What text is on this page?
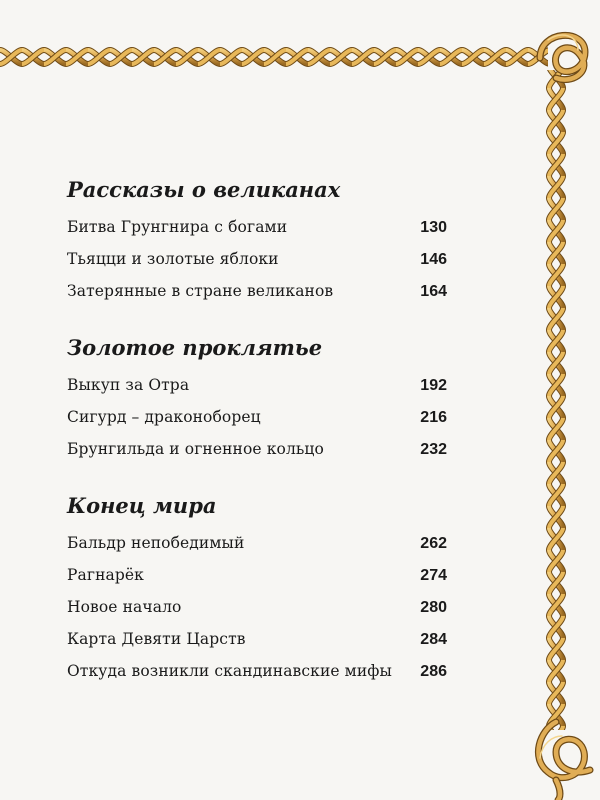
Рассказы о великанах
Битва Грунгнира с богами	130
Тьяцци и золотые яблоки	146
Затерянные в стране великанов	164
Золотое проклятье
Выкуп за Отра	192
Сигурд – драконоборец	216
Брунгильда и огненное кольцо	232
Конец мира
Бальдр непобедимый	262
Рагнарёк	274
Новое начало	280
Карта Девяти Царств	284
Откуда возникли скандинавские мифы 286
